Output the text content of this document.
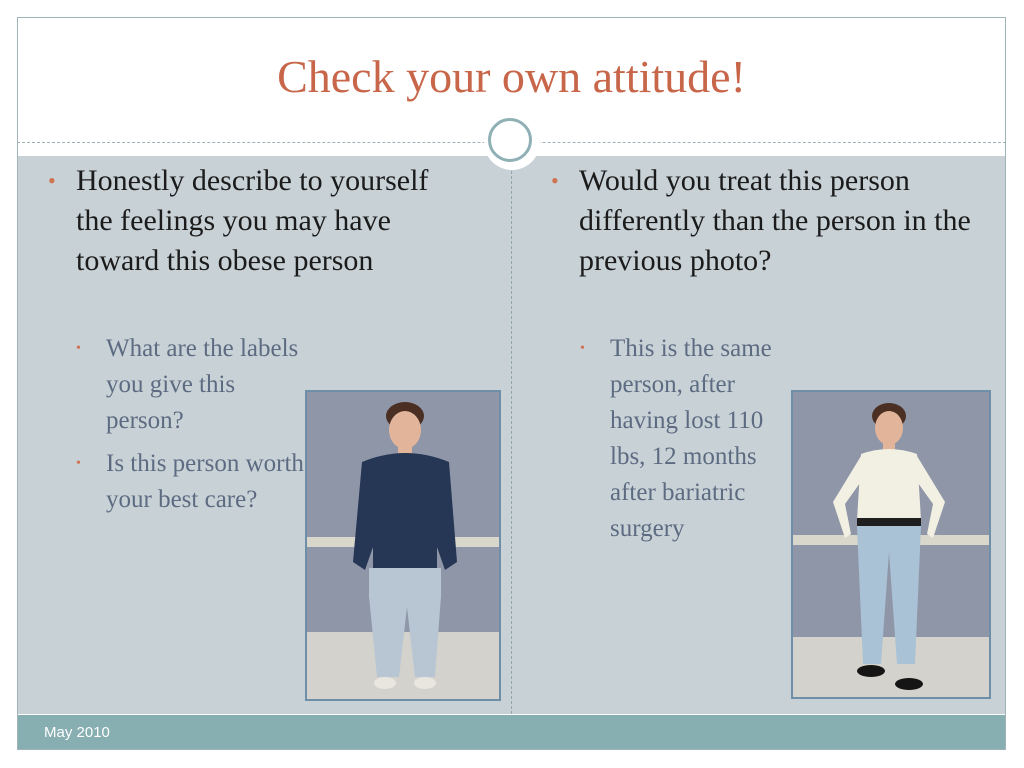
Check your own attitude!
• Honestly describe to yourself the feelings you may have toward this obese person
• What are the labels you give this person?
• Is this person worth your best care?
• Would you treat this person differently than the person in the previous photo?
• This is the same person, after having lost 110 lbs, 12 months after bariatric surgery
May 2010
